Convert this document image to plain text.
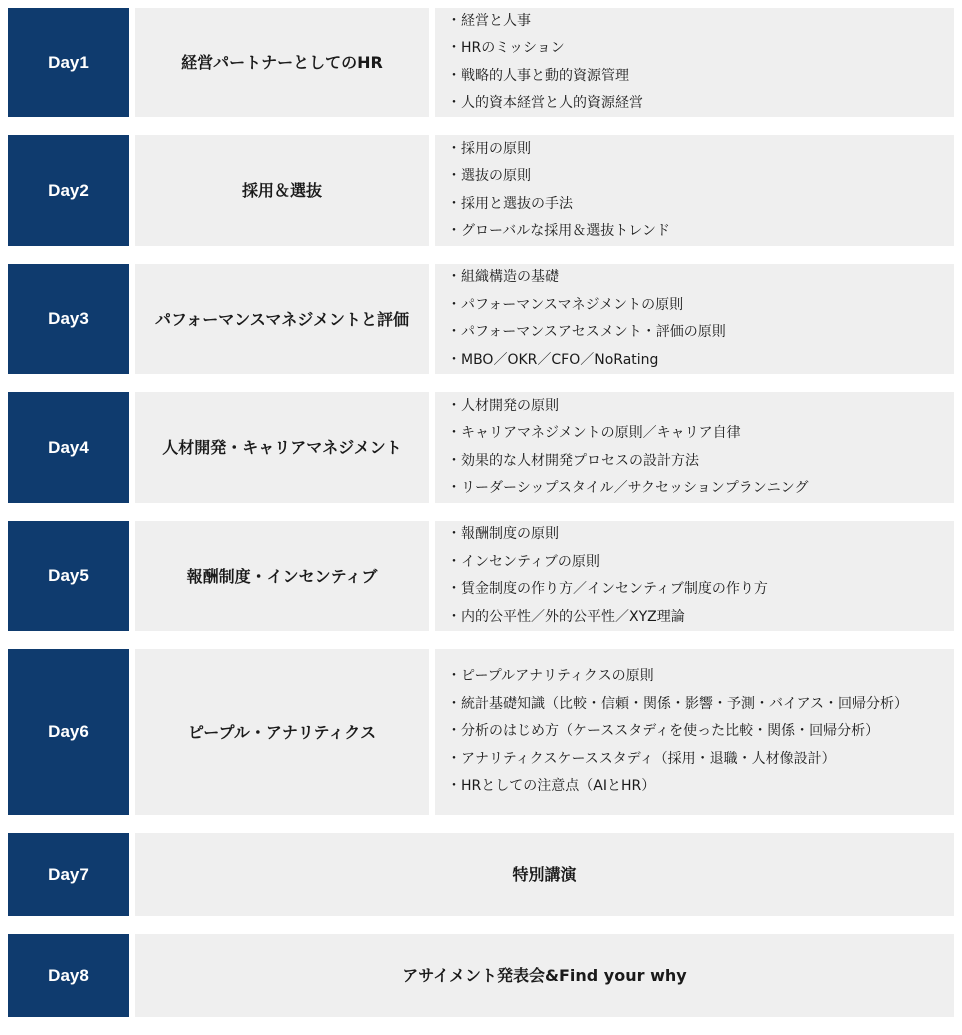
Day1	経営パートナーとしてのHR
・経営と人事
・HRのミッション
・戦略的人事と動的資源管理
・人的資本経営と人的資源経営
Day2	採用＆選抜
・採用の原則
・選抜の原則
・採用と選抜の手法
・グローバルな採用＆選抜トレンド
Day3	パフォーマンスマネジメントと評価
・組織構造の基礎
・パフォーマンスマネジメントの原則
・パフォーマンスアセスメント・評価の原則
・MBO／OKR／CFO／NoRating
Day4	人材開発・キャリアマネジメント
・人材開発の原則
・キャリアマネジメントの原則／キャリア自律
・効果的な人材開発プロセスの設計方法
・リーダーシップスタイル／サクセッションプランニング
Day5	報酬制度・インセンティブ
・報酬制度の原則
・インセンティブの原則
・賃金制度の作り方／インセンティブ制度の作り方
・内的公平性／外的公平性／XYZ理論
Day6	ピープル・アナリティクス
・ピープルアナリティクスの原則
・統計基礎知識（比較・信頼・関係・影響・予測・バイアス・回帰分析）
・分析のはじめ方（ケーススタディを使った比較・関係・回帰分析）
・アナリティクスケーススタディ（採用・退職・人材像設計）
・HRとしての注意点（AIとHR）
Day7	特別講演
Day8	アサイメント発表会&Find your why
